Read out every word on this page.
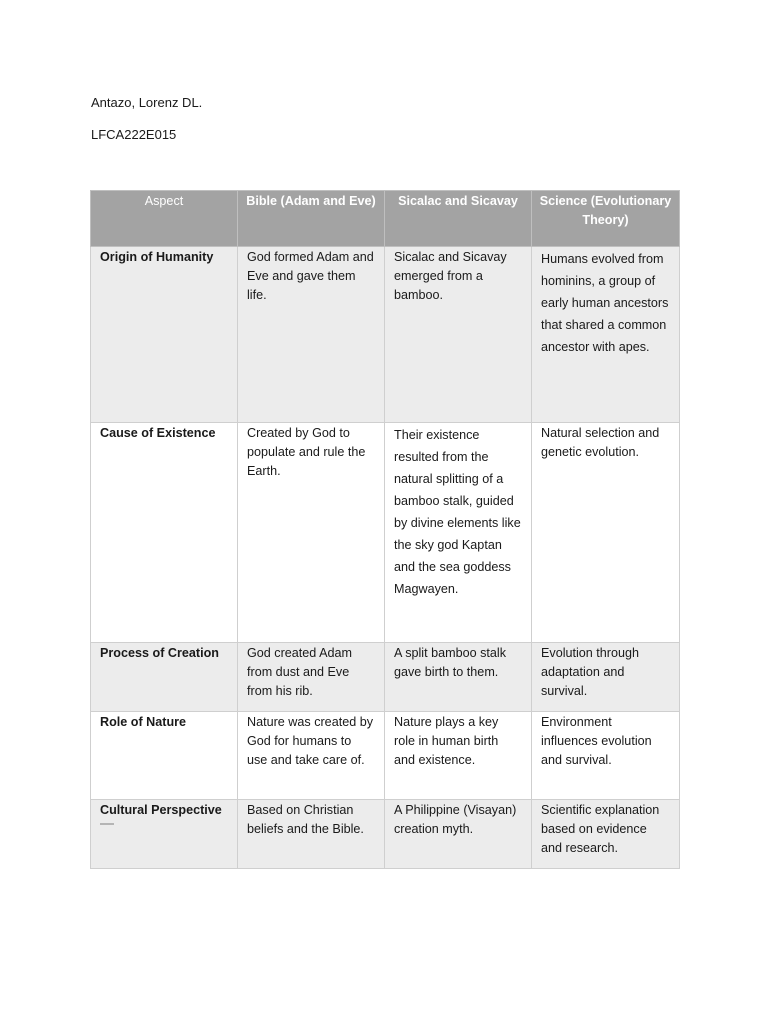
Antazo, Lorenz DL.
LFCA222E015
Aspect	Bible (Adam and Eve)	Sicalac and Sicavay	Science (Evolutionary Theory)
Origin of Humanity	God formed Adam and Eve and gave them life.	Sicalac and Sicavay emerged from a bamboo.	Humans evolved from hominins, a group of early human ancestors that shared a common ancestor with apes.
Cause of Existence	Created by God to populate and rule the Earth.	Their existence resulted from the natural splitting of a bamboo stalk, guided by divine elements like the sky god Kaptan and the sea goddess Magwayen.	Natural selection and genetic evolution.
Process of Creation	God created Adam from dust and Eve from his rib.	A split bamboo stalk gave birth to them.	Evolution through adaptation and survival.
Role of Nature	Nature was created by God for humans to use and take care of.	Nature plays a key role in human birth and existence.	Environment influences evolution and survival.
Cultural Perspective	Based on Christian beliefs and the Bible.	A Philippine (Visayan) creation myth.	Scientific explanation based on evidence and research.
